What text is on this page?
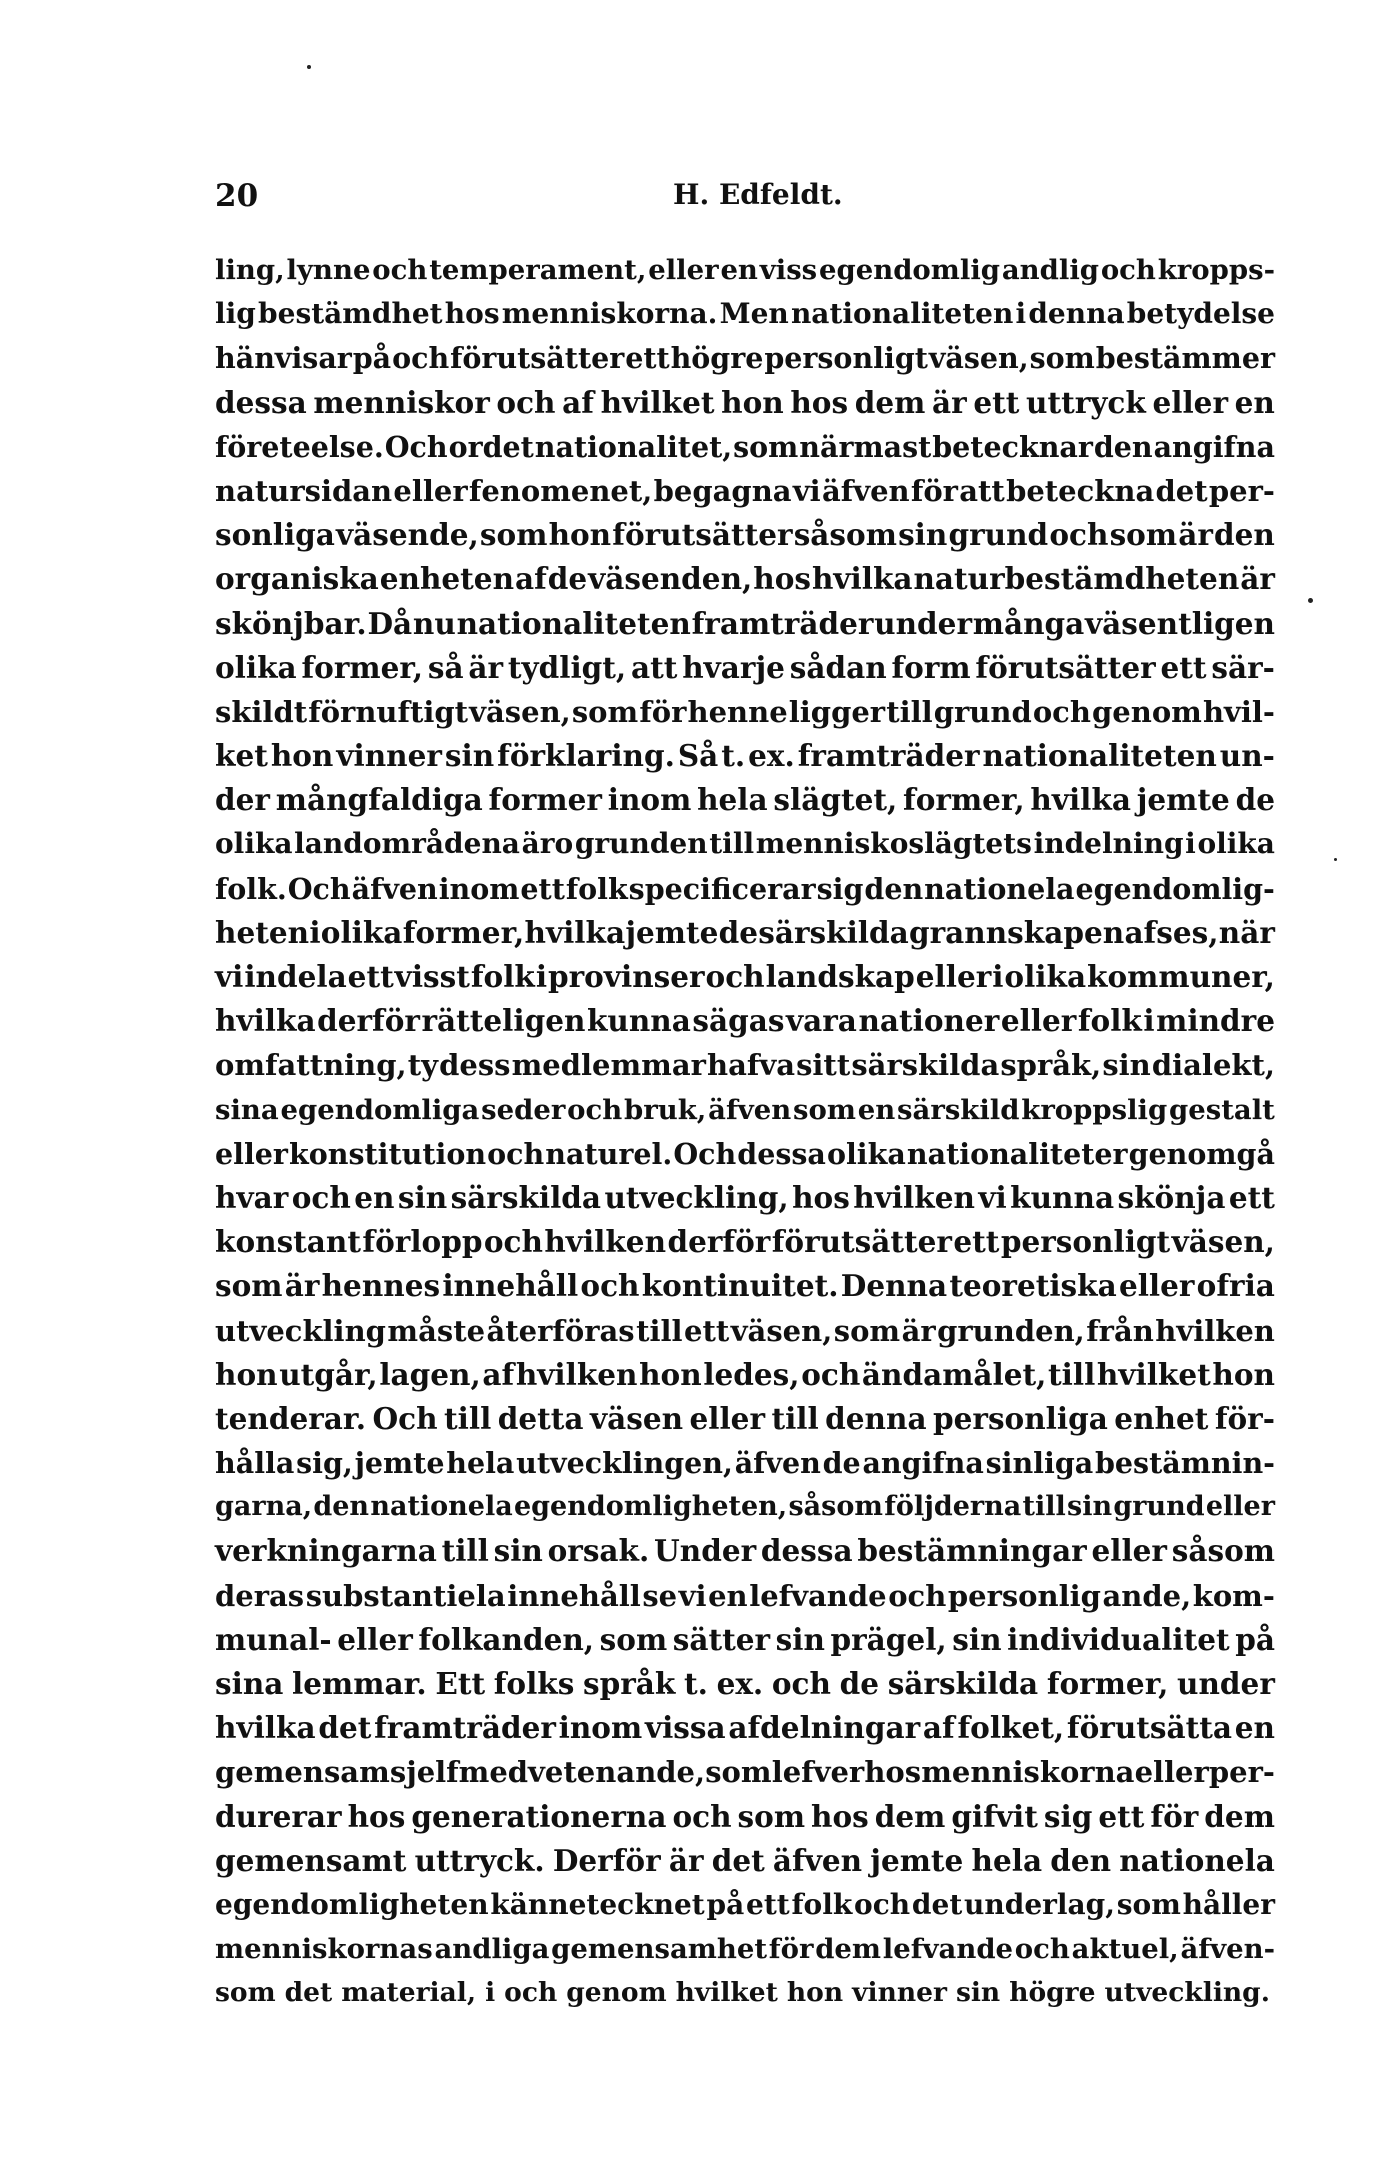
20	H. Edfeldt.
ling, lynne och temperament, eller en viss egendomlig andlig och kropps-
lig bestämdhet hos menniskorna. Men nationaliteten i denna betydelse
hänvisar på och förutsätter ett högre personligt väsen, som bestämmer
dessa menniskor och af hvilket hon hos dem är ett uttryck eller en
företeelse. Och ordet nationalitet, som närmast betecknar den angifna
natursidan eller fenomenet, begagna vi äfven för att beteckna det per-
sonliga väsende, som hon förutsätter såsom sin grund och som är den
organiska enheten af de väsenden, hos hvilka naturbestämdheten är
skönjbar. Då nu nationaliteten framträder under många väsentligen
olika former, så är tydligt, att hvarje sådan form förutsätter ett sär-
skildt förnuftigt väsen, som för henne ligger till grund och genom hvil-
ket hon vinner sin förklaring. Så t. ex. framträder nationaliteten un-
der mångfaldiga former inom hela slägtet, former, hvilka jemte de
olika landområdena äro grunden till menniskoslägtets indelning i olika
folk. Och äfven inom ett folk specificerar sig den nationela egendomlig-
heten i olika former, hvilka jemte de särskilda grannskapen afses, när
vi indela ett visst folk i provinser och landskap eller i olika kommuner,
hvilka derför rätteligen kunna sägas vara nationer eller folk i mindre
omfattning, ty dess medlemmar hafva sitt särskilda språk, sin dialekt,
sina egendomliga seder och bruk, äfven som en särskild kroppslig gestalt
eller konstitution och naturel. Och dessa olika nationaliteter genomgå
hvar och en sin särskilda utveckling, hos hvilken vi kunna skönja ett
konstant förlopp och hvilken derför förutsätter ett personligt väsen,
som är hennes innehåll och kontinuitet. Denna teoretiska eller ofria
utveckling måste återföras till ett väsen, som är grunden, från hvilken
hon utgår, lagen, af hvilken hon ledes, och ändamålet, till hvilket hon
tenderar. Och till detta väsen eller till denna personliga enhet för-
hålla sig, jemte hela utvecklingen, äfven de angifna sinliga bestämnin-
garna, den nationela egendomligheten, såsom följderna till sin grund eller
verkningarna till sin orsak. Under dessa bestämningar eller såsom
deras substantiela innehåll se vi en lefvande och personlig ande, kom-
munal- eller folkanden, som sätter sin prägel, sin individualitet på
sina lemmar. Ett folks språk t. ex. och de särskilda former, under
hvilka det framträder inom vissa afdelningar af folket, förutsätta en
gemensam sjelfmedveten ande, som lefver hos menniskorna eller per-
durerar hos generationerna och som hos dem gifvit sig ett för dem
gemensamt uttryck. Derför är det äfven jemte hela den nationela
egendomligheten kännetecknet på ett folk och det underlag, som håller
menniskornas andliga gemensamhet för dem lefvande och aktuel, äfven-
som det material, i och genom hvilket hon vinner sin högre utveckling.
